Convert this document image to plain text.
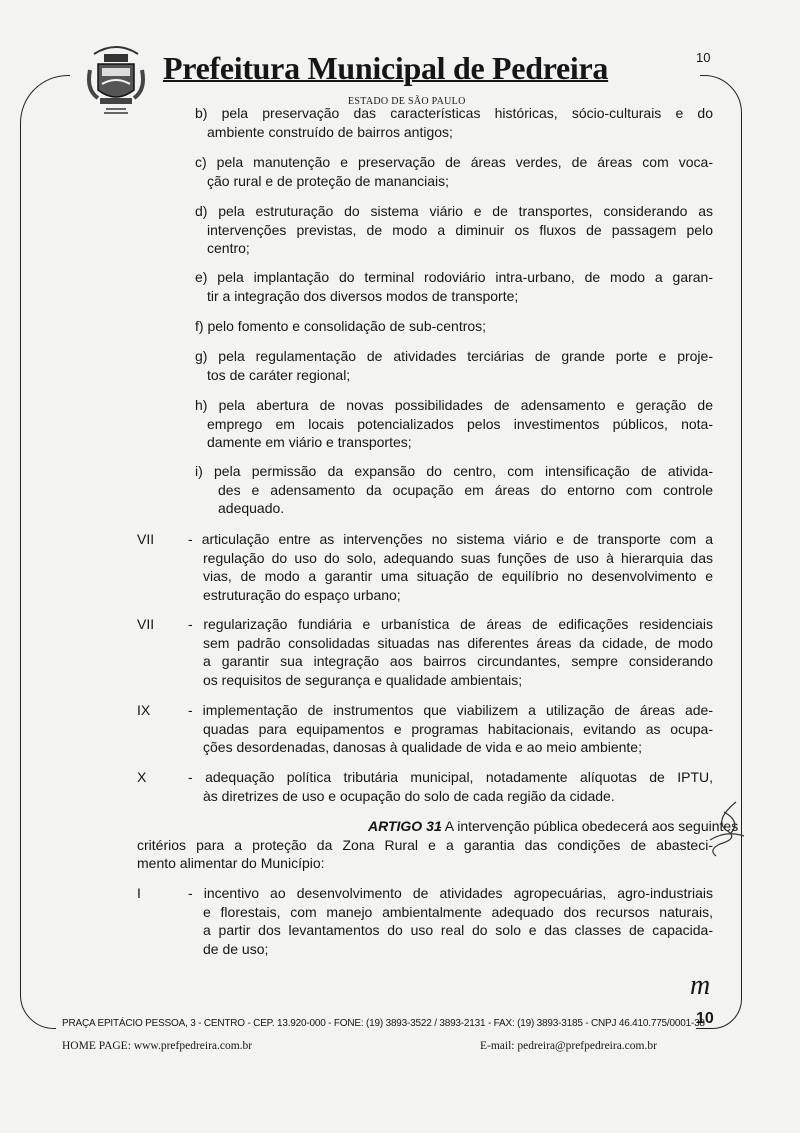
Prefeitura Municipal de Pedreira	10
ESTADO DE SÃO PAULO
b) pela preservação das características históricas, sócio-culturais e do
ambiente construído de bairros antigos;
c) pela manutenção e preservação de áreas verdes, de áreas com voca-
ção rural e de proteção de mananciais;
d) pela estruturação do sistema viário e de transportes, considerando as
intervenções previstas, de modo a diminuir os fluxos de passagem pelo
centro;
e) pela implantação do terminal rodoviário intra-urbano, de modo a garan-
tir a integração dos diversos modos de transporte;
f) pelo fomento e consolidação de sub-centros;
g) pela regulamentação de atividades terciárias de grande porte e proje-
tos de caráter regional;
h) pela abertura de novas possibilidades de adensamento e geração de
emprego em locais potencializados pelos investimentos públicos, nota-
damente em viário e transportes;
i) pela permissão da expansão do centro, com intensificação de ativida-
des e adensamento da ocupação em áreas do entorno com controle
adequado.
VII - articulação entre as intervenções no sistema viário e de transporte com a
regulação do uso do solo, adequando suas funções de uso à hierarquia das
vias, de modo a garantir uma situação de equilíbrio no desenvolvimento e
estruturação do espaço urbano;
VII - regularização fundiária e urbanística de áreas de edificações residenciais
sem padrão consolidadas situadas nas diferentes áreas da cidade, de modo
a garantir sua integração aos bairros circundantes, sempre considerando
os requisitos de segurança e qualidade ambientais;
IX	- implementação de instrumentos que viabilizem a utilização de áreas ade-
quadas para equipamentos e programas habitacionais, evitando as ocupa-
ções desordenadas, danosas à qualidade de vida e ao meio ambiente;
X	- adequação política tributária municipal, notadamente alíquotas de IPTU,
às diretrizes de uso e ocupação do solo de cada região da cidade.
ARTIGO 31
- A intervenção pública obedecerá aos seguintes
critérios para a proteção da Zona Rural e a garantia das condições de abasteci-
mento alimentar do Município:
I	- incentivo ao desenvolvimento de atividades agropecuárias, agro-industriais
e florestais, com manejo ambientalmente adequado dos recursos naturais,
a partir dos levantamentos do uso real do solo e das classes de capacida-
de de uso;
m
PRAÇA EPITÁCIO PESSOA, 3 - CENTRO - CEP. 13.920-000 - FONE: (19) 3893-3522 / 3893-2131 - FAX: (19) 3893-3185 - CNPJ 46.410.775/0001-38
10
HOME PAGE: www.prefpedreira.com.br	E-mail: pedreira@prefpedreira.com.br
